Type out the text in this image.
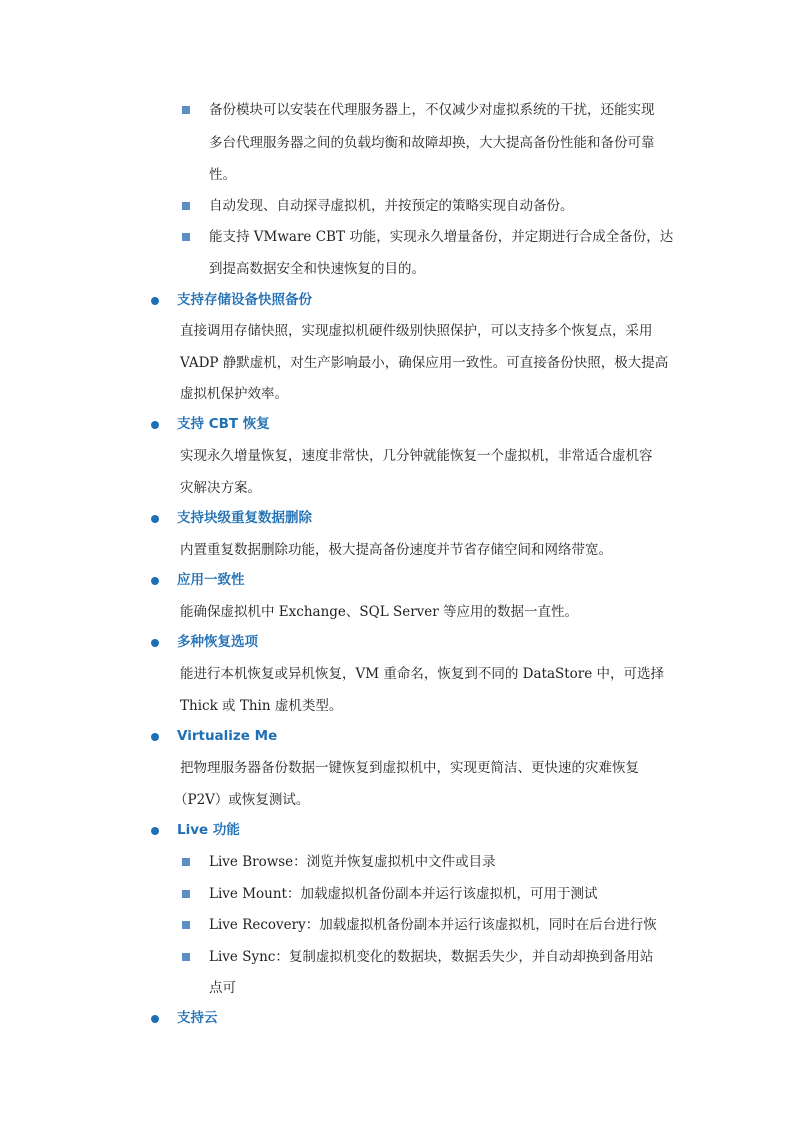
备份模块可以安装在代理服务器上，不仅减少对虚拟系统的干扰，还能实现
多台代理服务器之间的负载均衡和故障却换，大大提高备份性能和备份可靠
性。
自动发现、自动探寻虚拟机，并按预定的策略实现自动备份。
能支持 VMware CBT 功能，实现永久增量备份，并定期进行合成全备份，达
到提高数据安全和快速恢复的目的。
支持存储设备快照备份
直接调用存储快照，实现虚拟机硬件级别快照保护，可以支持多个恢复点，采用
VADP 静默虚机，对生产影响最小，确保应用一致性。可直接备份快照，极大提高
虚拟机保护效率。
支持 CBT 恢复
实现永久增量恢复，速度非常快，几分钟就能恢复一个虚拟机，非常适合虚机容
灾解决方案。
支持块级重复数据删除
内置重复数据删除功能，极大提高备份速度并节省存储空间和网络带宽。
应用一致性
能确保虚拟机中 Exchange、SQL Server 等应用的数据一直性。
多种恢复选项
能进行本机恢复或异机恢复，VM 重命名，恢复到不同的 DataStore 中，可选择
Thick 或 Thin 虚机类型。
Virtualize Me
把物理服务器备份数据一键恢复到虚拟机中，实现更简洁、更快速的灾难恢复
（P2V）或恢复测试。
Live 功能
Live Browse：浏览并恢复虚拟机中文件或目录
Live Mount：加载虚拟机备份副本并运行该虚拟机，可用于测试
Live Recovery：加载虚拟机备份副本并运行该虚拟机，同时在后台进行恢
Live Sync：复制虚拟机变化的数据块，数据丢失少，并自动却换到备用站
点可
支持云
